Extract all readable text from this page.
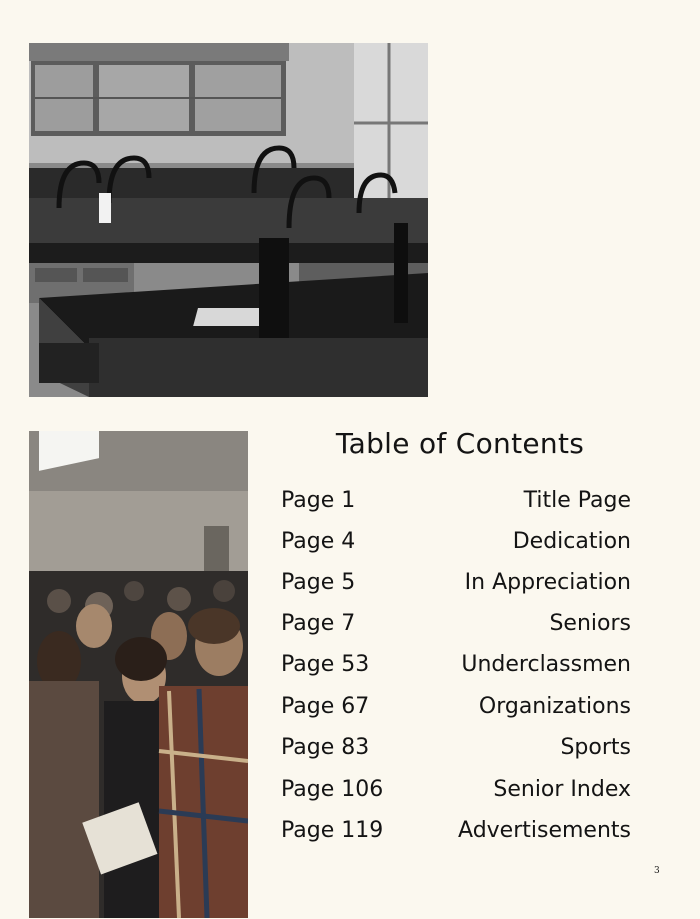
Table of Contents
Page 1	Title Page
Page 4	Dedication
Page 5	In Appreciation
Page 7	Seniors
Page 53	Underclassmen
Page 67	Organizations
Page 83	Sports
Page 106	Senior Index
Page 119	Advertisements
3
